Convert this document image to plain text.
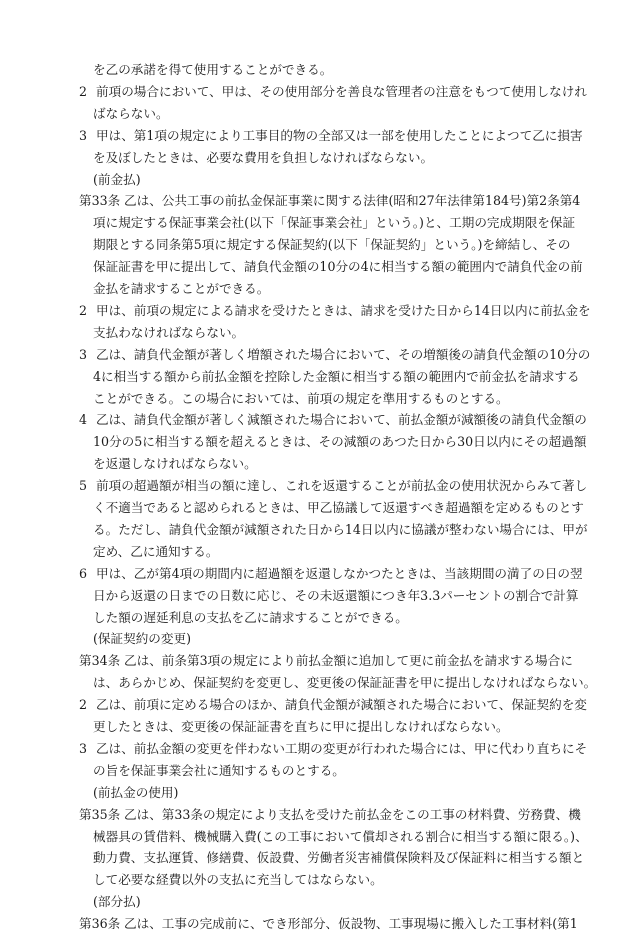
を乙の承諾を得て使用することができる。
2 前項の場合において、甲は、その使用部分を善良な管理者の注意をもつて使用しなけれ
ばならない。
3 甲は、第1項の規定により工事目的物の全部又は一部を使用したことによつて乙に損害
を及ぼしたときは、必要な費用を負担しなければならない。
(前金払)
第33条 乙は、公共工事の前払金保証事業に関する法律(昭和27年法律第184号)第2条第4
項に規定する保証事業会社(以下「保証事業会社」という。)と、工期の完成期限を保証
期限とする同条第5項に規定する保証契約(以下「保証契約」という。)を締結し、その
保証証書を甲に提出して、請負代金額の10分の4に相当する額の範囲内で請負代金の前
金払を請求することができる。
2 甲は、前項の規定による請求を受けたときは、請求を受けた日から14日以内に前払金を
支払わなければならない。
3 乙は、請負代金額が著しく増額された場合において、その増額後の請負代金額の10分の
4に相当する額から前払金額を控除した金額に相当する額の範囲内で前金払を請求する
ことができる。この場合においては、前項の規定を準用するものとする。
4 乙は、請負代金額が著しく減額された場合において、前払金額が減額後の請負代金額の
10分の5に相当する額を超えるときは、その減額のあつた日から30日以内にその超過額
を返還しなければならない。
5 前項の超過額が相当の額に達し、これを返還することが前払金の使用状況からみて著し
く不適当であると認められるときは、甲乙協議して返還すべき超過額を定めるものとす
る。ただし、請負代金額が減額された日から14日以内に協議が整わない場合には、甲が
定め、乙に通知する。
6 甲は、乙が第4項の期間内に超過額を返還しなかつたときは、当該期間の満了の日の翌
日から返還の日までの日数に応じ、その未返還額につき年3.3パーセントの割合で計算
した額の遅延利息の支払を乙に請求することができる。
(保証契約の変更)
第34条 乙は、前条第3項の規定により前払金額に追加して更に前金払を請求する場合に
は、あらかじめ、保証契約を変更し、変更後の保証証書を甲に提出しなければならない。
2 乙は、前項に定める場合のほか、請負代金額が減額された場合において、保証契約を変
更したときは、変更後の保証証書を直ちに甲に提出しなければならない。
3 乙は、前払金額の変更を伴わない工期の変更が行われた場合には、甲に代わり直ちにそ
の旨を保証事業会社に通知するものとする。
(前払金の使用)
第35条 乙は、第33条の規定により支払を受けた前払金をこの工事の材料費、労務費、機
械器具の賃借料、機械購入費(この工事において償却される割合に相当する額に限る。)、
動力費、支払運賃、修繕費、仮設費、労働者災害補償保険料及び保証料に相当する額と
して必要な経費以外の支払に充当してはならない。
(部分払)
第36条 乙は、工事の完成前に、でき形部分、仮設物、工事現場に搬入した工事材料(第1
